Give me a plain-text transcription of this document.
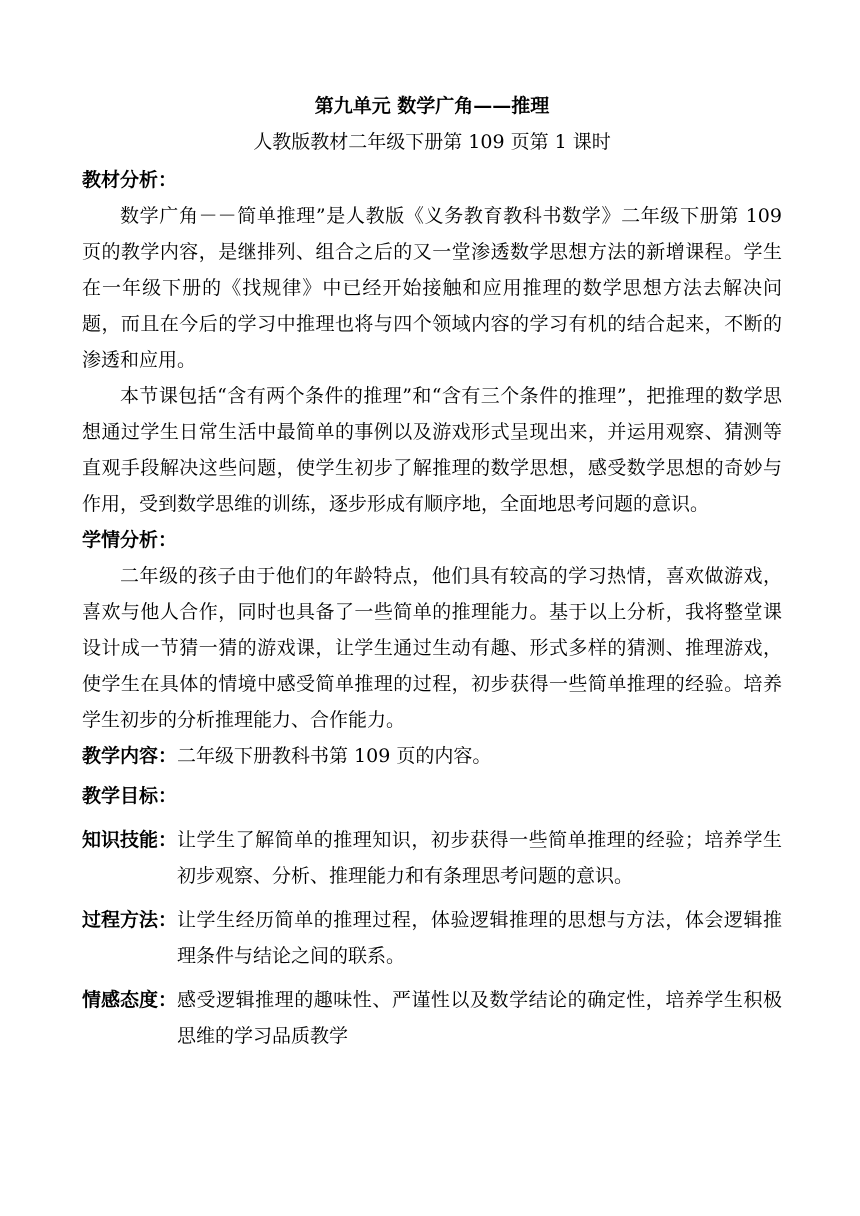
第九单元 数学广角——推理
人教版教材二年级下册第 109 页第 1 课时
教材分析：

数学广角－－简单推理”是人教版《义务教育教科书数学》二年级下册第 109 页的教学内容，是继排列、组合之后的又一堂渗透数学思想方法的新增课程。学生在一年级下册的《找规律》中已经开始接触和应用推理的数学思想方法去解决问题，而且在今后的学习中推理也将与四个领域内容的学习有机的结合起来，不断的渗透和应用。

本节课包括“含有两个条件的推理”和“含有三个条件的推理”，把推理的数学思想通过学生日常生活中最简单的事例以及游戏形式呈现出来，并运用观察、猜测等直观手段解决这些问题，使学生初步了解推理的数学思想，感受数学思想的奇妙与作用，受到数学思维的训练，逐步形成有顺序地，全面地思考问题的意识。

学情分析：

二年级的孩子由于他们的年龄特点，他们具有较高的学习热情，喜欢做游戏，喜欢与他人合作，同时也具备了一些简单的推理能力。基于以上分析，我将整堂课设计成一节猜一猜的游戏课，让学生通过生动有趣、形式多样的猜测、推理游戏，使学生在具体的情境中感受简单推理的过程，初步获得一些简单推理的经验。培养学生初步的分析推理能力、合作能力。

教学内容：二年级下册教科书第 109 页的内容。
教学目标：
知识技能： 让学生了解简单的推理知识，初步获得一些简单推理的经验；培养学生初步观察、分析、推理能力和有条理思考问题的意识。
过程方法： 让学生经历简单的推理过程，体验逻辑推理的思想与方法，体会逻辑推理条件与结论之间的联系。
情感态度： 感受逻辑推理的趣味性、严谨性以及数学结论的确定性，培养学生积极思维的学习品质教学
